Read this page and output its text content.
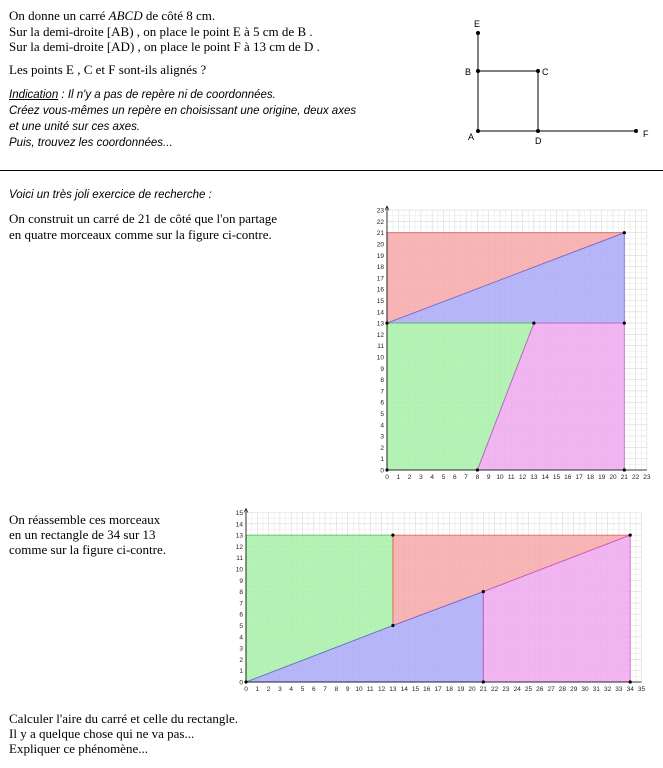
On donne un carré ABCD de côté 8 cm.
Sur la demi-droite [AB) , on place le point E à 5 cm de B .
Sur la demi-droite [AD) , on place le point F à 13 cm de D .
Les points E , C et F sont-ils alignés ?
Indication : Il n'y a pas de repère ni de coordonnées.
Créez vous-mêmes un repère en choisissant une origine, deux axes
et une unité sur ces axes.
Puis, trouvez les coordonnées...
E
B	C
A	D
F
Voici un très joli exercice de recherche :
On construit un carré de 21 de côté que l'on partage
en quatre morceaux comme sur la figure ci-contre.
On réassemble ces morceaux
en un rectangle de 34 sur 13
comme sur la figure ci-contre.
Calculer l'aire du carré et celle du rectangle.
Il y a quelque chose qui ne va pas...
Expliquer ce phénomène...
0 1 2 3 4 5 6 7 8 9 10 11 12 13 14 15 16 17 18 19 20 21 22 23
0
1
2
3
4
5
6
7
8
9
10
11
12
13
14
15
16
17
18
19
20
21
22
23
0 1 2 3 4 5 6 7 8 9 10 11 12 13 14 15 16 17 18 19 20 21 22 23 24 25 26 27 28 29 30 31 32 33 34 35
0
1
2
3
4
5
6
7
8
9
10
11
12
13
14
15
